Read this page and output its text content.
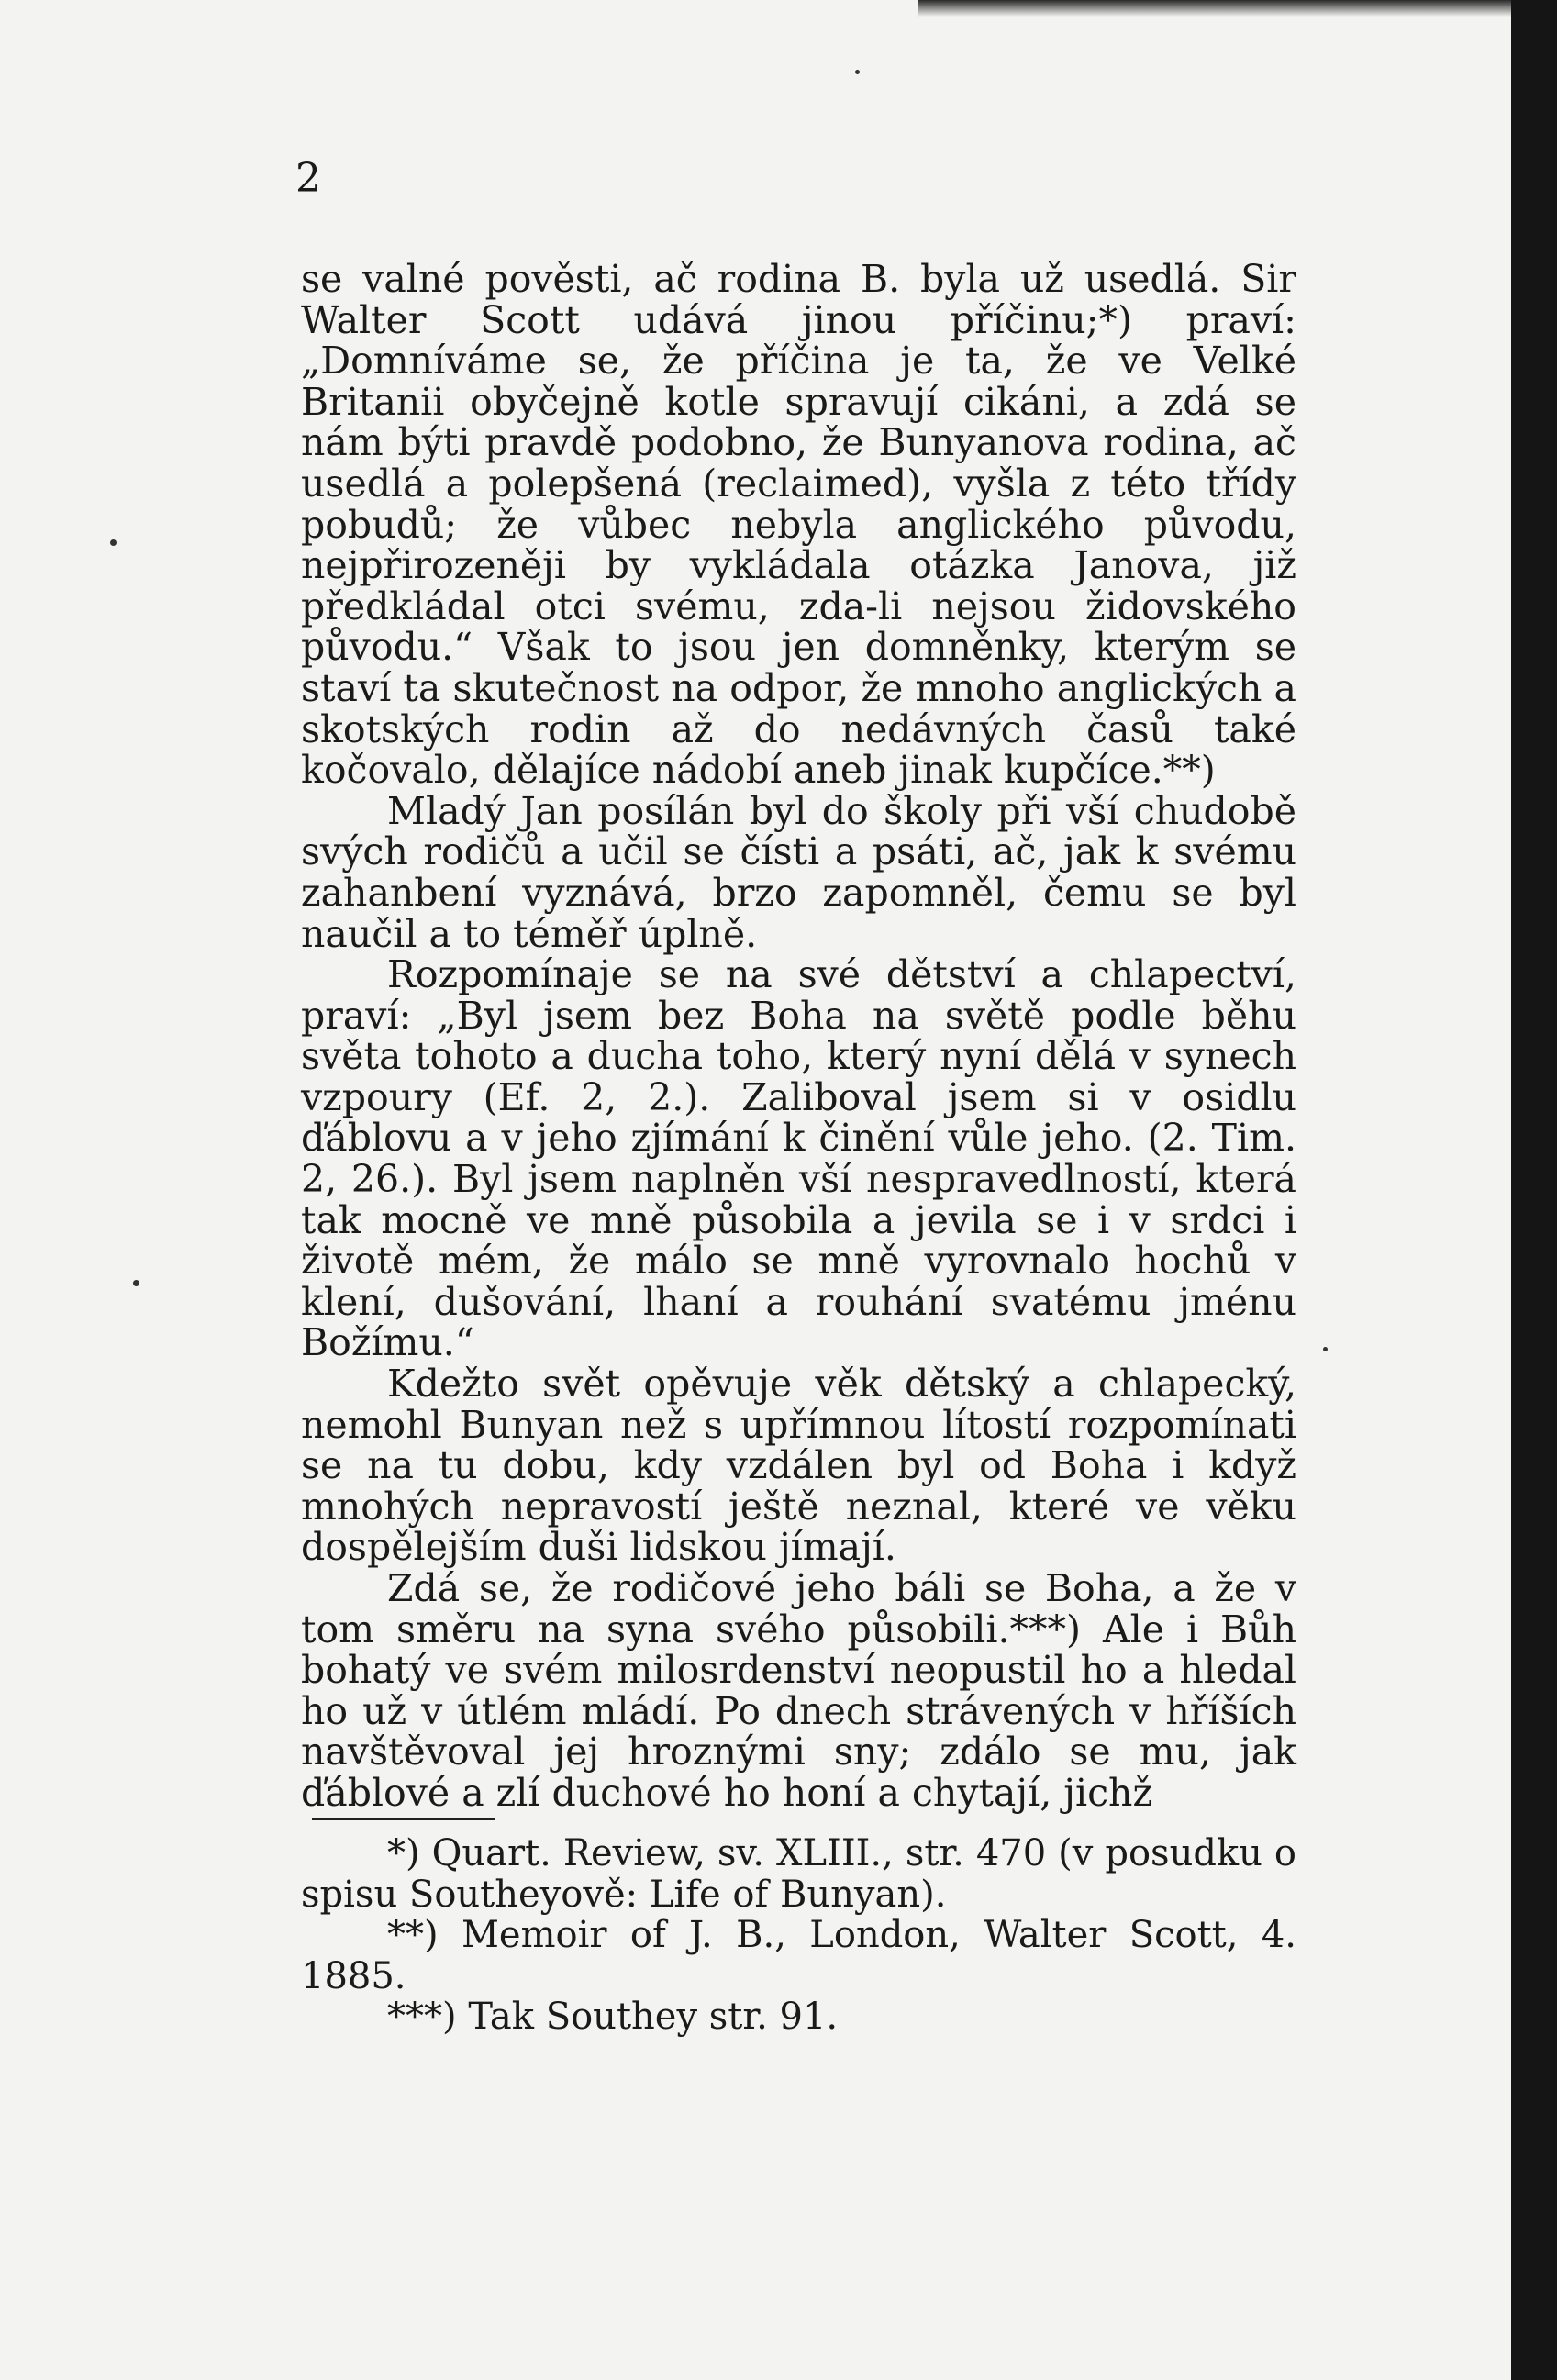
2

se valné pověsti, ač rodina B. byla už usedlá. Sir Walter Scott udává jinou příčinu;*) praví: „Domníváme se, že příčina je ta, že ve Velké Britanii obyčejně kotle spravují cikáni, a zdá se nám býti pravdě podobno, že Bunyanova rodina, ač usedlá a polepšená (reclaimed), vyšla z této třídy pobudů; že vůbec nebyla anglického původu, nejpřirozeněji by vykládala otázka Janova, již předkládal otci svému, zda-li nejsou židovského původu.“ Však to jsou jen domněnky, kterým se staví ta skutečnost na odpor, že mnoho anglických a skotských rodin až do nedávných časů také kočovalo, dělajíce nádobí aneb jinak kupčíce.**)

Mladý Jan posílán byl do školy při vší chudobě svých rodičů a učil se čísti a psáti, ač, jak k svému zahanbení vyznává, brzo zapomněl, čemu se byl naučil a to téměř úplně.

Rozpomínaje se na své dětství a chlapectví, praví: „Byl jsem bez Boha na světě podle běhu světa tohoto a ducha toho, který nyní dělá v synech vzpoury (Ef. 2, 2.). Zaliboval jsem si v osidlu ďáblovu a v jeho zjímání k činění vůle jeho. (2. Tim. 2, 26.). Byl jsem naplněn vší nespravedlností, která tak mocně ve mně působila a jevila se i v srdci i životě mém, že málo se mně vyrovnalo hochů v klení, dušování, lhaní a rouhání svatému jménu Božímu.“

Kdežto svět opěvuje věk dětský a chlapecký, nemohl Bunyan než s upřímnou lítostí rozpomínati se na tu dobu, kdy vzdálen byl od Boha i když mnohých nepravostí ještě neznal, které ve věku dospělejším duši lidskou jímají.

Zdá se, že rodičové jeho báli se Boha, a že v tom směru na syna svého působili.***) Ale i Bůh bohatý ve svém milosrdenství neopustil ho a hledal ho už v útlém mládí. Po dnech strávených v hříších navštěvoval jej hroznými sny; zdálo se mu, jak ďáblové a zlí duchové ho honí a chytají, jichž

*) Quart. Review, sv. XLIII., str. 470 (v posudku o spisu Southeyově: Life of Bunyan).

**) Memoir of J. B., London, Walter Scott, 4. 1885.

***) Tak Southey str. 91.
